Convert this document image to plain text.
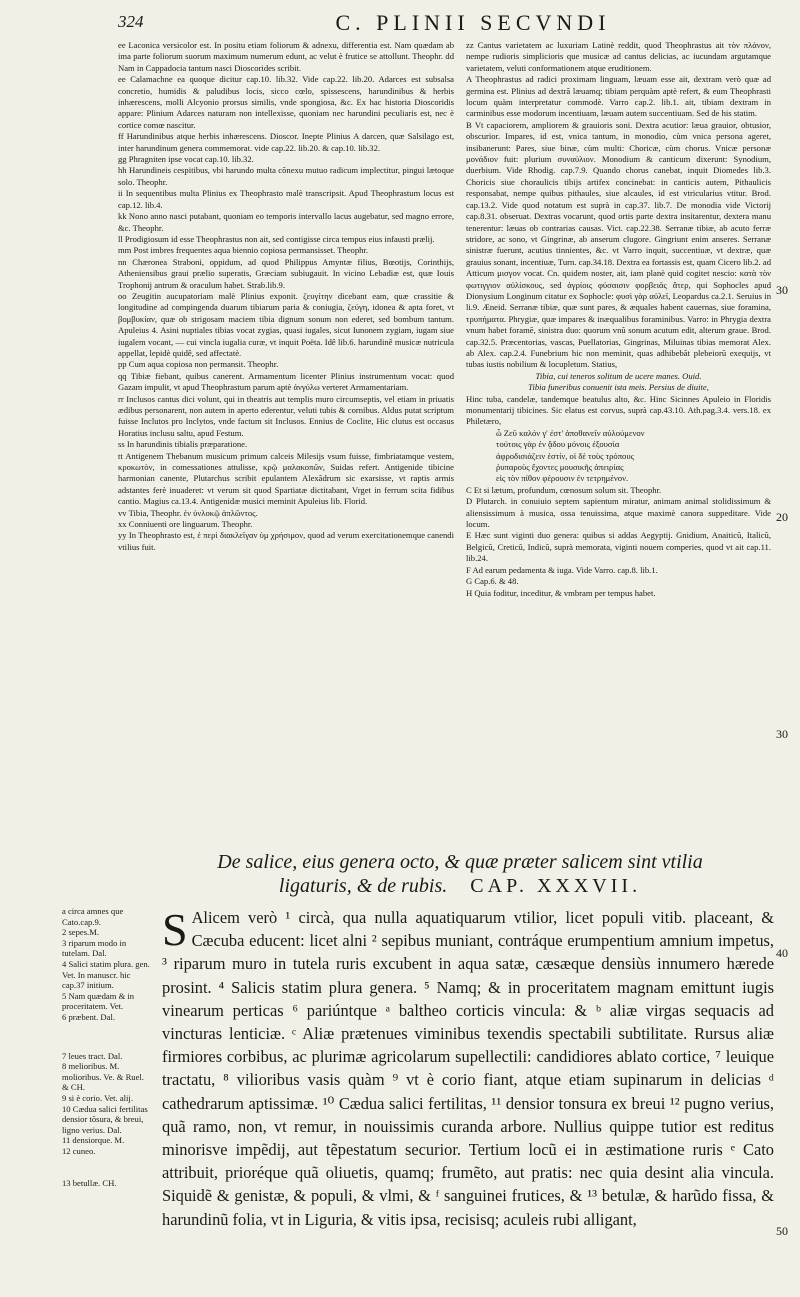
324	C. PLINII SECVNDI

ee Laconica versicolor est. In positu etiam foliorum & adnexu, differentia est. Nam quædam ab ima parte foliorum suorum maximum numerum edunt, ac velut è frutice se attollunt. Theophr. dd Nam in Cappadocia tantum nasci Dioscorides scribit.

ee Calamachne ea quoque dicitur cap.10. lib.32. Vide cap.22. lib.20. Adarces est subsalsa concretio, humidis & paludibus locis, sicco cœlo, spissescens, harundinibus & herbis inhærescens, molli Alcyonio prorsus similis, vnde spongiosa, &c. Ex hac historia Dioscoridis appare: Plinium Adarces naturam non intellexisse, quoniam nec harundini peculiaris est, nec è cortice comœ nascitur.

ff Harundinibus atque herbis inhærescens. Dioscor. Inepte Plinius A darcen, quæ Salsilago est, inter harundinum genera commemorat. vide cap.22. lib.20. & cap.10. lib.32.

gg Phragniten ipse vocat cap.10. lib.32.

hh Harundineis cespitibus, vbi harundo multa cõnexu mutuo radicum implectitur, pingui lætoque solo. Theophr.

ii In sequentibus multa Plinius ex Theophrasto malè transcripsit. Apud Theophrastum locus est cap.12. lib.4.

kk Nono anno nasci putabant, quoniam eo temporis intervallo lacus augebatur, sed magno errore, &c. Theophr.

ll Prodigiosum id esse Theophrastus non ait, sed contigisse circa tempus eius infausti prælij.

mm Post imbres frequentes aqua biennio copiosa permansisset. Theophr.

nn Chæronea Straboni, oppidum, ad quod Philippus Amyntæ filius, Bœotijs, Corinthijs, Atheniensibus graui prælio superatis, Græciam subiugauit. In vicino Lebadiæ est, quæ Iouis Trophonij antrum & oraculum habet. Strab.lib.9.

oo Zeugitin aucupatoriam malè Plinius exponit. ζευγίτην dicebant eam, quæ crassitie & longitudine ad compingenda duarum tibiarum paria & coniugia, ζεύγη, idonea & apta foret, vt βομβυκίαν, quæ ob strigosam maciem tibia dignum sonum non ederet, sed bombum tantum. Apuleius 4. Asini nuptiales tibias vocat zygias, quasi iugales, sicut Iunonem zygiam, iugam siue iugalem vocant, — cui vincla iugalia curæ, vt inquit Poëta. Idê lib.6. harundinê musicæ nutricula appellat, lepidè quidê, sed affectatè.

pp Cum aqua copiosa non permansit. Theophr.

qq Tibiæ fiebant, quibus canerent. Armamentum licenter Plinius instrumentum vocat: quod Gazam impulit, vt apud Theophrastum parum aptè ἀνγύλω verteret Armamentariam.

rr Inclusos cantus dici volunt, qui in theatris aut templis muro circumseptis, vel etiam in priuatis ædibus personarent, non autem in aperto ederentur, veluti tubis & cornibus. Aldus putat scriptum fuisse Inclutos pro Inclytos, vnde factum sit Inclusos. Ennius de Coclite, Hic clutus est occasus Horatius inclusu saltu, apud Festum.

ss In harundinis tibialis præparatione.

tt Antigenem Thebanum musicum primum calceis Milesijs vsum fuisse, fimbriatamque vestem, κροκωτὸν, in comessationes attulisse, κρῷ μαλακοπῶν, Suidas refert. Antigenide tibicine harmonian canente, Plutarchus scribit epulantem Alexãdrum sic exarsisse, vt raptis armis adstantes ferè inuaderet: vt verum sit quod Spartiatæ dictitabant, Vrget in ferrum scita fidibus cantio. Magius ca.13.4. Antigenidæ musici meminit Apuleius lib. Florid.

vv Tibia, Theophr. ἐν ὑνλοκῷ ἁπλῶντος.

xx Conniuenti ore linguarum. Theophr.

yy In Theophrasto est, ἐ περὶ διακλεῖγαν ὑμ χρήσιμον, quod ad verum exercitationemque canendi vtilius fuit.

zz Cantus varietatem ac luxuriam Latinè reddit, quod Theophrastus ait τὸν πλάνον, nempe rudioris simplicioris que musicæ ad cantus delicias, ac iucundam argutamque varietatem, veluti conformationem atque eruditionem.

A Theophrastus ad radici proximam linguam, læuam esse ait, dextram verò quæ ad germina est. Plinius ad dextrã læuamq; tibiam perquàm aptè refert, & eum Theophrasti locum quàm interpretatur commodè. Varro cap.2. lib.1. ait, tibiam dextram in carminibus esse modorum incentiuam, læuam autem succentiuam. Sed de his statim.

B Vt capaciorem, ampliorem & grauioris soni. Dextra acutior: læua grauior, obtusior, obscurior. Impares, id est, vnica tantum, in monodio, cùm vnica persona ageret, insibanerunt: Pares, siue binæ, cùm multi: Choricæ, cùm chorus. Vnicæ personæ μονάδιον fuit: plurium συναύλιον. Monodium & canticum dixerunt: Synodium, duerbium. Vide Rhodig. cap.7.9. Quando chorus canebat, inquit Diomedes lib.3. Choricis siue choraulicis tibijs artifex concinebat: in canticis autem, Pithaulicis responsabat, nempe quibus pithaules, siue alcaules, id est vtricularius vtitur. Brod. cap.13.2. Vide quod notatum est suprà in cap.37. lib.7. De monodia vide Victorij cap.8.31. obseruat. Dextras vocarunt, quod ortis parte dextra insitarentur, dextera manu tenerentur: læuas ob contrarias causas. Vict. cap.22.38. Serranæ tibiæ, ab acuto ferræ stridore, ac sono, vt Gingrinæ, ab anserum clugore. Gingriunt enim anseres. Serranæ sinistræ fuerunt, acutius tinnientes, &c. vt Varro inquit, succentiuæ, vt dextræ, quæ grauius sonant, incentiuæ, Turn. cap.34.18. Dextra ea fortassis est, quam Cicero lib.2. ad Atticum μισγον vocat. Cn. quidem noster, ait, iam planè quid cogitet nescio: κατὰ τὸν φωτιγγιον αὐλίσκους, sed ἀγρίοις φύσαισιν φορβειᾶς ἄτερ, qui Sophocles apud Dionysium Longinum citatur ex Sophocle: φυσὶ γὰρ αὐλεῖ, Leopardus ca.2.1. Seruius in li.9. Æneid. Serranæ tibiæ, quæ sunt pares, & æquales habent cauernas, siue foramina, τρυπήματα. Phrygiæ, quæ impares & inæqualibus foraminibus. Varro: in Phrygia dextra vnum habet foramẽ, sinistra duo: quorum vnũ sonum acutum edit, alterum graue. Brod. cap.32.5. Præcentorias, vascas, Puellatorias, Gingrinas, Miluinas tibias memorat Alex. ab Alex. cap.2.4. Funebrium hic non meminit, quas adhibebãt plebeiorũ exequijs, vt tubas iustis nobilium & locupletum. Statius,

Tibia, cui teneros solitum de ucere manes. Ouid.

Tibia funeribus conuenit ista meis. Persius de diuite,

Hinc tuba, candelæ, tandemque beatulus alto, &c. Hinc Sicinnes Apuleio in Floridis monumentarij tibicines. Sic elatus est corvus, suprà cap.43.10. Ath.pag.3.4. vers.18. ex Philetæro,

ὦ Ζεῦ καλόν γ' ἐστ' ἀποθανεῖν αὐλούμενον

τούτοις γὰρ ἐν ᾅδου μόνοις ἐξουσία

ἀφροδισιάζειν ἐστίν, οἱ δὲ τοὺς τρόπους

ῥυπαροὺς ἔχοντες μουσικῆς ἀπειρίας

εἰς τὸν πίθον φέρουσιν ἐν τετρημένον.

C Et si lætum, profundum, cœnosum solum sit. Theophr.

D Plutarch. in conuiuio septem sapientum miratur, animam animal stolidissimum & aliensissimum à musica, ossa tenuissima, atque maximè canora suppeditare. Vide locum.

E Hæc sunt viginti duo genera: quibus si addas Aegyptij. Gnidium, Anaiticũ, Italicũ, Belgicũ, Creticũ, Indicũ, suprà memorata, viginti nouem comperies, quod vt ait cap.11. lib.24.

F Ad earum pedamenta & iuga. Vide Varro. cap.8. lib.1.

G Cap.6. & 48.

H Quia foditur, inceditur, & vmbram per tempus habet.

30
20
30
40
50
De salice, eius genera octo, & quæ præter salicem sint vtilia ligaturis, & de rubis. CAP. XXXVII.

a circa amnes que Cato.cap.9.

2 sepes.M.

3 riparum modo in tutelam. Dal.

4 Salici statim plura. gen. Vet. In manuscr. hic cap.37 initium.

5 Nam quædam & in proceritatem. Vet.

6 præbent. Dal.

7 leues tract. Dal.

8 melioribus. M. molioribus. Ve. & Ruel. & CH.

9 si è corio. Vet. alij.

10 Cædua salici fertilitas densior tõsura, & breui, ligno verius. Dal.

11 densiorque. M.

12 cuneo.

13 betullæ. CH.

S Alicem verò ¹ circà, qua nulla aquatiquarum vtilior, licet populi vitib. placeant, & Cæcuba educent: licet alni ² sepibus muniant, contráque erumpentium amnium impetus, ³ riparum muro in tutela ruris excubent in aqua satæ, cæsæque densiùs innumero hærede prosint. ⁴ Salicis statim plura genera. ⁵ Namq; & in proceritatem magnam emittunt iugis vinearum perticas ⁶ pariúntque ᵃ baltheo corticis vincula: & ᵇ aliæ virgas sequacis ad vincturas lenticiæ. ᶜ Aliæ prætenues viminibus texendis spectabili subtilitate. Rursus aliæ firmiores corbibus, ac plurimæ agricolarum supellectili: candidiores ablato cortice, ⁷ leuique tractatu, ⁸ vilioribus vasis quàm ⁹ vt è corio fiant, atque etiam supinarum in delicias ᵈ cathedrarum aptissimæ. ¹⁰ Cædua salici fertilitas, ¹¹ densior tonsura ex breui ¹² pugno verius, quã ramo, non, vt remur, in nouissimis curanda arbore. Nullius quippe tutior est reditus minorisve impẽdij, aut tẽpestatum securior. Tertium locũ ei in æstimatione ruris ᵉ Cato attribuit, prioréque quã oliuetis, quamq; frumẽto, aut pratis: nec quia desint alia vincula. Siquidẽ & genistæ, & populi, & vlmi, & ᶠ sanguinei frutices, & ¹³ betulæ, & harũdo fissa, & harundinũ folia, vt in Liguria, & vitis ipsa, recisisq; aculeis rubi alligant,
